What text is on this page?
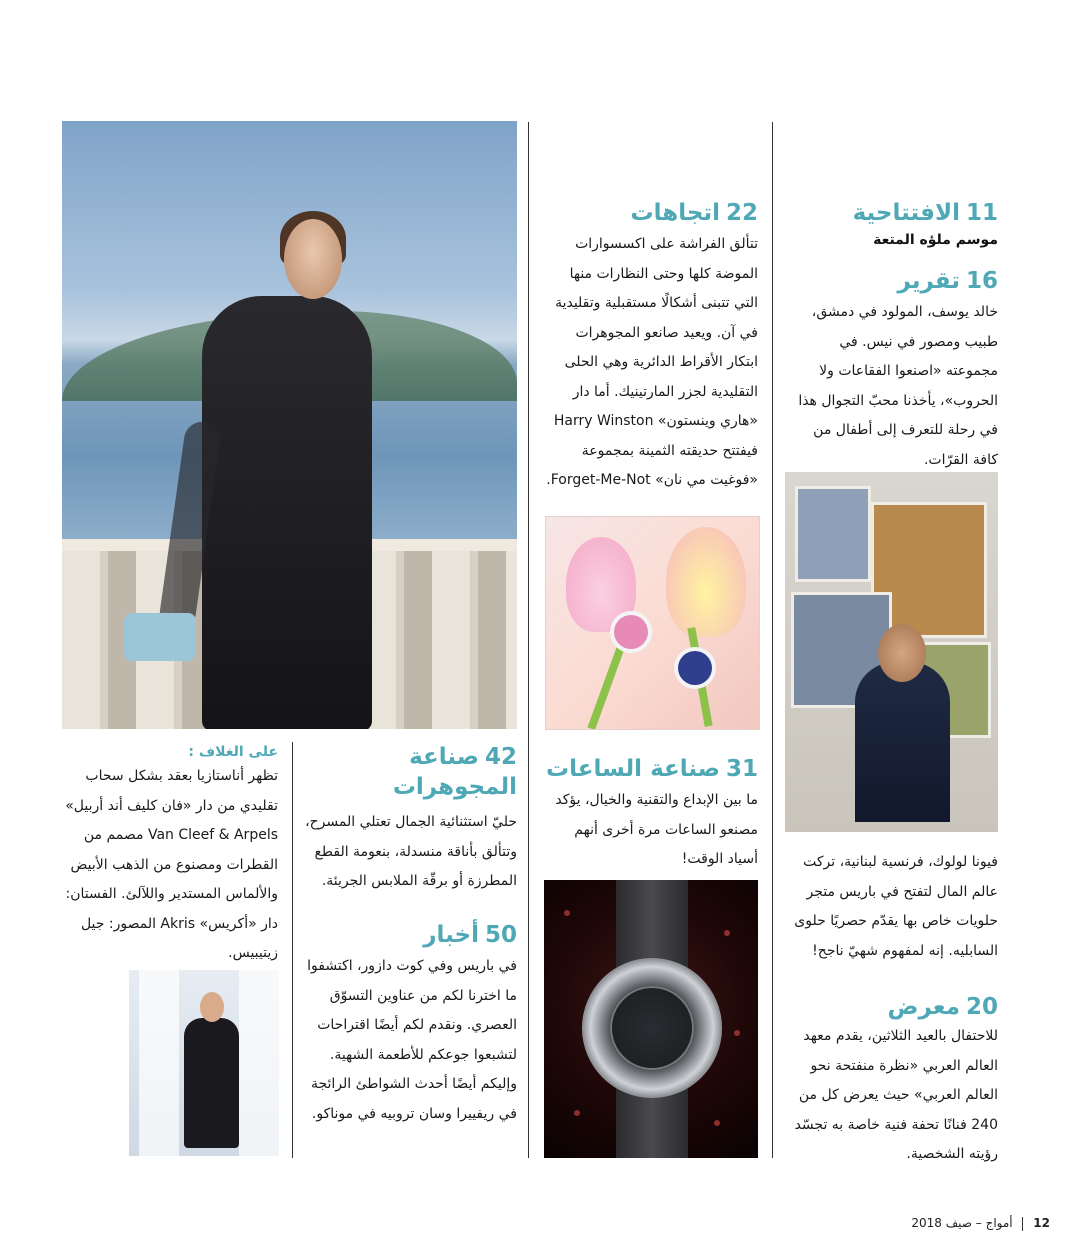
11الافتتاحية
موسم ملؤه المتعة
16تقرير
خالد يوسف، المولود في دمشق، طبيب ومصور في نيس. في مجموعته «اصنعوا الفقاعات ولا الحروب»، يأخذنا محبّ التجوال هذا في رحلة للتعرف إلى أطفال من كافة القرّات.
فيونا لولوك، فرنسية لبنانية، تركت عالم المال لتفتح في باريس متجر حلويات خاص بها يقدّم حصريًا حلوى السابليه. إنه لمفهوم شهيّ ناجح!
20معرض
للاحتفال بالعيد الثلاثين، يقدم معهد العالم العربي «نظرة منفتحة نحو العالم العربي» حيث يعرض كل من 240 فنانًا تحفة فنية خاصة به تجسّد رؤيته الشخصية.
22اتجاهات
تتألق الفراشة على اكسسوارات الموضة كلها وحتى النظارات منها التي تتبنى أشكالًا مستقبلية وتقليدية في آن. ويعيد صانعو المجوهرات ابتكار الأقراط الدائرية وهي الحلى التقليدية لجزر المارتينيك. أما دار «هاري وينستون» Harry Winston فيفتتح حديقته الثمينة بمجموعة «فوغيت مي نان» Forget-Me-Not.
31صناعة الساعات
ما بين الإبداع والتقنية والخيال، يؤكد مصنعو الساعات مرة أخرى أنهم أسياد الوقت!
42صناعة المجوهرات
حليّ استثنائية الجمال تعتلي المسرح، وتتألق بأناقة منسدلة، بنعومة القطع المطرزة أو برقّة الملابس الجريئة.
50أخبار
في باريس وفي كوت دازور، اكتشفوا ما اخترنا لكم من عناوين التسوّق العصري. ونقدم لكم أيضًا اقتراحات لتشبعوا جوعكم للأطعمة الشهية. وإليكم أيضًا أحدث الشواطئ الرائجة في ريفييرا وسان تروبيه في موناكو.
على الغلاف :
تظهر أناستازيا بعقد بشكل سحاب تقليدي من دار «فان كليف أند أربيل» Van Cleef & Arpels مصمم من القطرات ومصنوع من الذهب الأبيض والألماس المستدير واللآلئ. الفستان: دار «أكريس» Akris المصور: جيل زيتيبيس.
12  أمواج – صيف 2018
